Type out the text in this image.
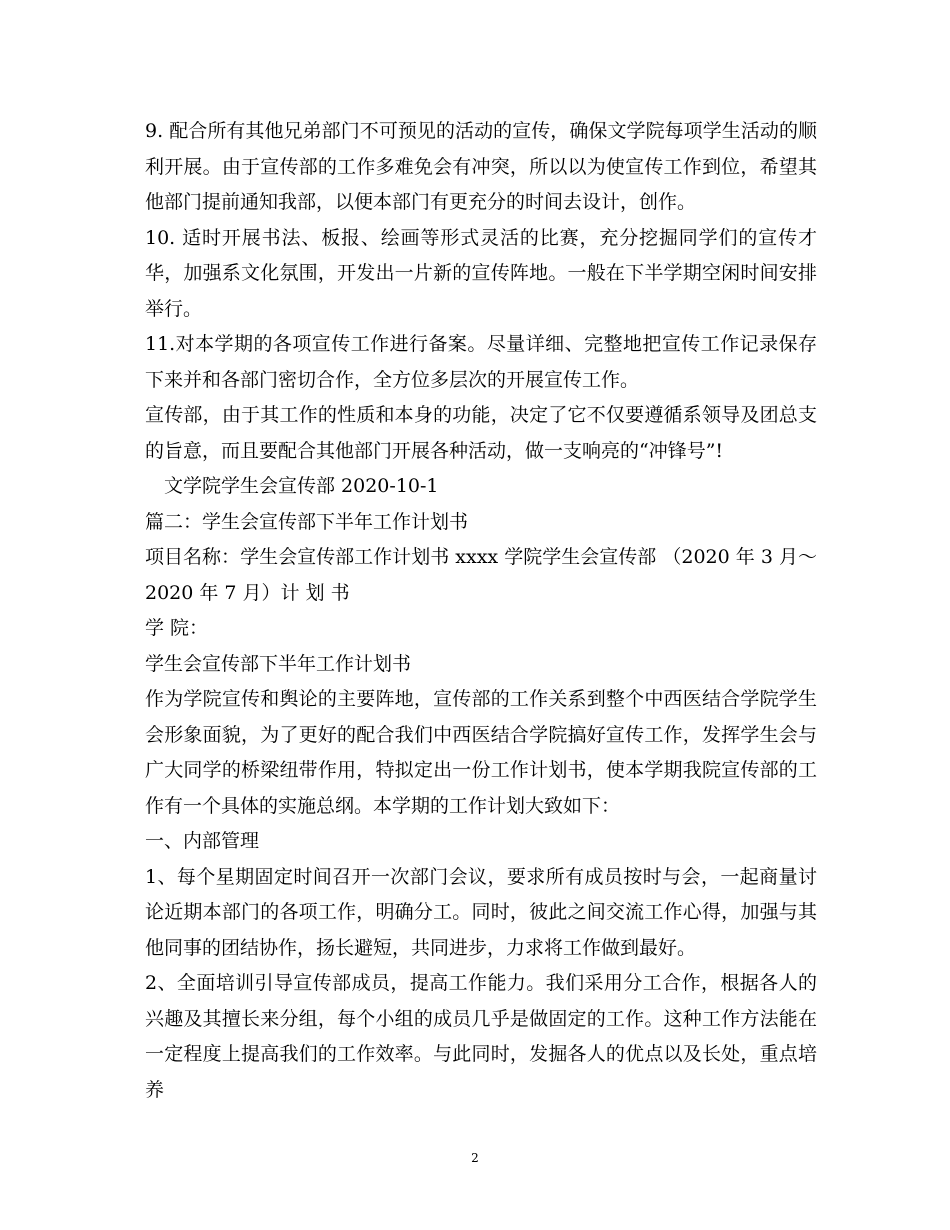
9. 配合所有其他兄弟部门不可预见的活动的宣传，确保文学院每项学生活动的顺利开展。由于宣传部的工作多难免会有冲突，所以以为使宣传工作到位，希望其他部门提前通知我部，以便本部门有更充分的时间去设计，创作。

10. 适时开展书法、板报、绘画等形式灵活的比赛，充分挖掘同学们的宣传才华，加强系文化氛围，开发出一片新的宣传阵地。一般在下半学期空闲时间安排举行。

11.对本学期的各项宣传工作进行备案。尽量详细、完整地把宣传工作记录保存下来并和各部门密切合作，全方位多层次的开展宣传工作。

宣传部，由于其工作的性质和本身的功能，决定了它不仅要遵循系领导及团总支的旨意，而且要配合其他部门开展各种活动，做一支响亮的“冲锋号”!

文学院学生会宣传部 2020-10-1

篇二：学生会宣传部下半年工作计划书

项目名称：学生会宣传部工作计划书 xxxx 学院学生会宣传部 （2020 年 3 月～2020 年 7 月）计 划 书

学 院：

学生会宣传部下半年工作计划书

作为学院宣传和舆论的主要阵地，宣传部的工作关系到整个中西医结合学院学生会形象面貌，为了更好的配合我们中西医结合学院搞好宣传工作，发挥学生会与广大同学的桥梁纽带作用，特拟定出一份工作计划书，使本学期我院宣传部的工作有一个具体的实施总纲。本学期的工作计划大致如下：

一、内部管理

1、每个星期固定时间召开一次部门会议，要求所有成员按时与会，一起商量讨论近期本部门的各项工作，明确分工。同时，彼此之间交流工作心得，加强与其他同事的团结协作，扬长避短，共同进步，力求将工作做到最好。

2、全面培训引导宣传部成员，提高工作能力。我们采用分工合作，根据各人的兴趣及其擅长来分组，每个小组的成员几乎是做固定的工作。这种工作方法能在一定程度上提高我们的工作效率。与此同时，发掘各人的优点以及长处，重点培养

2
